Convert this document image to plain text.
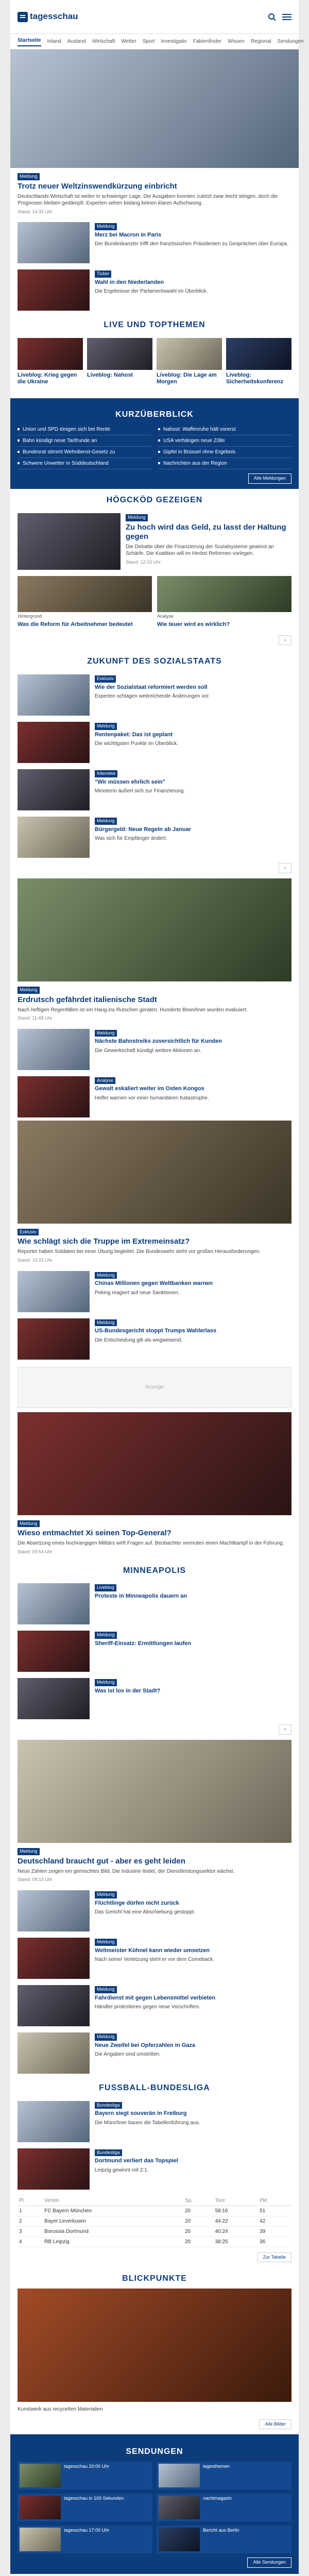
tagesschau
Startseite Inland Ausland Wirtschaft Wetter Sport Investigativ Faktenfinder Wissen Regional Sendungen
Meldung
Trotz neuer Weltzinswendkürzung einbricht
Deutschlands Wirtschaft ist weiter in schwieriger Lage. Die Ausgaben konnten zuletzt zwar leicht steigen, doch die Prognosen bleiben gedämpft. Experten sehen bislang keinen klaren Aufschwung.
Stand: 14:32 Uhr
Meldung
Merz bei Macron in Paris
Der Bundeskanzler trifft den französischen Präsidenten zu Gesprächen über Europa.
Ticker
Wahl in den Niederlanden
Die Ergebnisse der Parlamentswahl im Überblick.
LIVE UND TOPTHEMEN
Liveblog: Krieg gegen die Ukraine
Liveblog: Nahost	Liveblog: Die Lage am Morgen
Liveblog: Sicherheitskonferenz
KURZÜBERBLICK
Union und SPD einigen sich bei Rente
Bahn kündigt neue Tarifrunde an
Bundesrat stimmt Wehrdienst-Gesetz zu
Schwere Unwetter in Süddeutschland
Nahost: Waffenruhe hält vorerst
USA verhängen neue Zölle
Gipfel in Brüssel ohne Ergebnis
Nachrichten aus der Region
Alle Meldungen
HÖGCKÖD GEZEIGEN
Meldung
Zu hoch wird das Geld, zu lasst der Haltung gegen
Die Debatte über die Finanzierung der Sozialsysteme gewinnt an Schärfe. Die Koalition will im Herbst Reformen vorlegen.
Stand: 12:10 Uhr
Hintergrund
Was die Reform für Arbeitnehmer bedeutet
Analyse
Wie teuer wird es wirklich?
›
ZUKUNFT DES SOZIALSTAATS
Exklusiv
Wie der Sozialstaat reformiert werden soll
Experten schlagen weitreichende Änderungen vor.
Meldung
Rentenpaket: Das ist geplant
Die wichtigsten Punkte im Überblick.
Interview
"Wir müssen ehrlich sein"
Ministerin äußert sich zur Finanzierung.
Meldung
Bürgergeld: Neue Regeln ab Januar
Was sich für Empfänger ändert.
›
Meldung
Erdrutsch gefährdet italienische Stadt
Nach heftigen Regenfällen ist ein Hang ins Rutschen geraten. Hunderte Bewohner wurden evakuiert.
Stand: 11:48 Uhr
Meldung
Nächste Bahnstreiks zuversichtlich für Kunden
Die Gewerkschaft kündigt weitere Aktionen an.
Analyse
Gewalt eskaliert weiter im Osten Kongos
Helfer warnen vor einer humanitären Katastrophe.
Exklusiv
Wie schlägt sich die Truppe im Extremeinsatz?
Reporter haben Soldaten bei einer Übung begleitet. Die Bundeswehr steht vor großen Herausforderungen.
Stand: 10:22 Uhr
Meldung
Chinas Millionen gegen Weltbanken warnen
Peking reagiert auf neue Sanktionen.
Meldung
US-Bundesgericht stoppt Trumps Wahlerlass
Die Entscheidung gilt als wegweisend.
Anzeige
Meldung
Wieso entmachtet Xi seinen Top-General?
Die Absetzung eines hochrangigen Militärs wirft Fragen auf. Beobachter vermuten einen Machtkampf in der Führung.
Stand: 09:54 Uhr
MINNEAPOLIS
Liveblog
Proteste in Minneapolis dauern an
Meldung
Sheriff-Einsatz: Ermittlungen laufen
Meldung
Was ist los in der Stadt?
›
Meldung
Deutschland braucht gut - aber es geht leiden
Neue Zahlen zeigen ein gemischtes Bild. Die Industrie leidet, der Dienstleistungssektor wächst.
Stand: 09:15 Uhr
Meldung
Flüchtlinge dürfen nicht zurück
Das Gericht hat eine Abschiebung gestoppt.
Meldung
Weltmeister Kühnel kann wieder umsetzen
Nach seiner Verletzung steht er vor dem Comeback.
Meldung
Fahrdienst mit gegen Lebensmittel verbieten
Händler protestieren gegen neue Vorschriften.
Meldung
Neue Zweifel bei Opferzahlen in Gaza
Die Angaben sind umstritten.
FUSSBALL-BUNDESLIGA
Bundesliga
Bayern siegt souverän in Freiburg
Die Münchner bauen die Tabellenführung aus.
Bundesliga
Dortmund verliert das Topspiel
Leipzig gewinnt mit 2:1.
Pl.	Verein	Sp.	Tore	Pkt.
1	FC Bayern München	20	58:16	51
2	Bayer Leverkusen	20	44:22	42
3	Borussia Dortmund	20	40:24	39
4	RB Leipzig	20	38:25	36
Zur Tabelle
BLICKPUNKTE
Kunstwerk aus recycelten Materialien
Alle Bilder
SENDUNGEN
tagesschau 20:00 Uhr	tagesthemen
tagesschau in 100 Sekunden	nachtmagazin
tagesschau 17:00 Uhr	Bericht aus Berlin
Alle Sendungen
